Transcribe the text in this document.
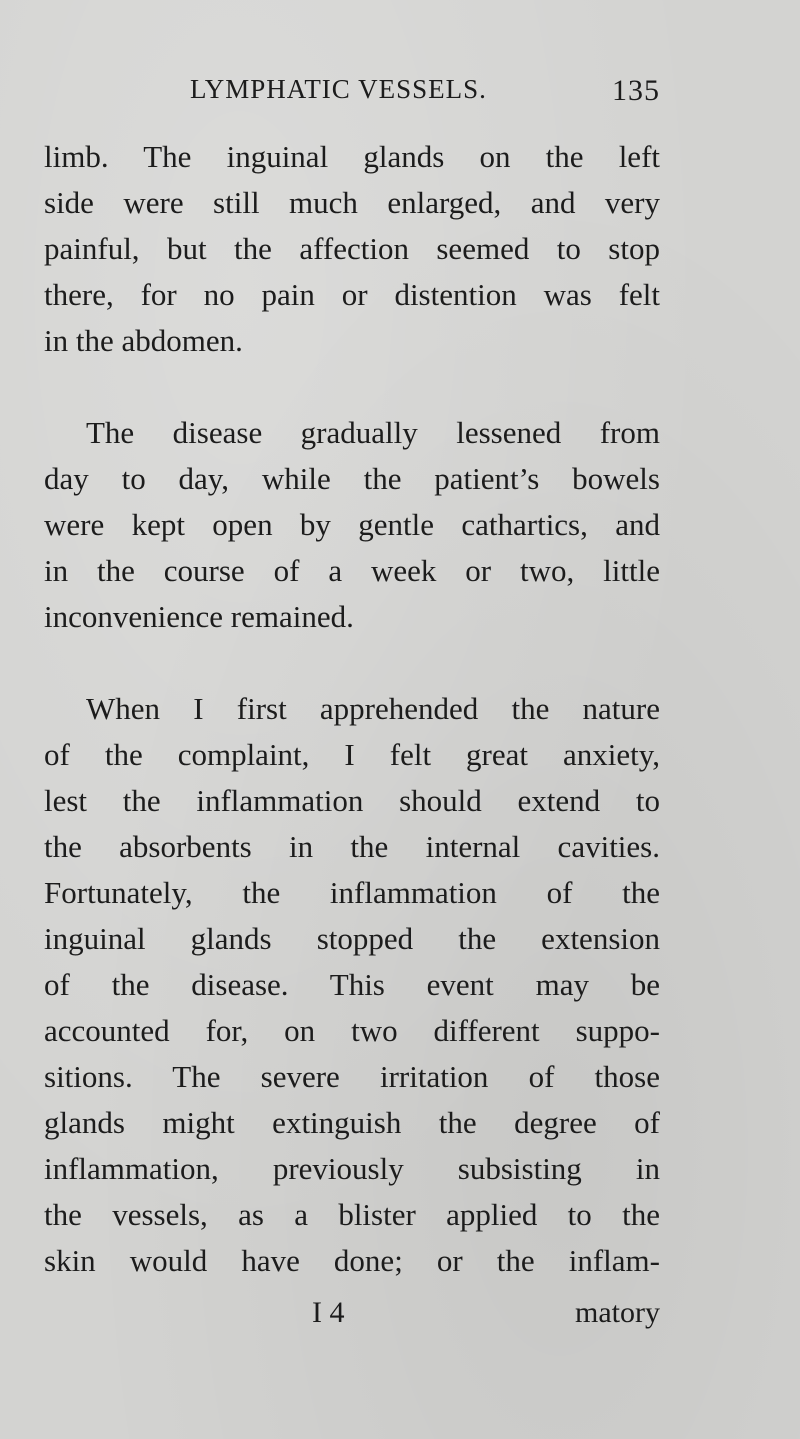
LYMPHATIC VESSELS.	135
limb. The inguinal glands on the left
side were still much enlarged, and very
painful, but the affection seemed to stop
there, for no pain or distention was felt
in the abdomen.
The disease gradually lessened from
day to day, while the patient’s bowels
were kept open by gentle cathartics, and
in the course of a week or two, little
inconvenience remained.
When I first apprehended the nature
of the complaint, I felt great anxiety,
lest the inflammation should extend to
the absorbents in the internal cavities.
Fortunately, the inflammation of the
inguinal glands stopped the extension
of the disease. This event may be
accounted for, on two different suppo-
sitions. The severe irritation of those
glands might extinguish the degree of
inflammation, previously subsisting in
the vessels, as a blister applied to the
skin would have done; or the inflam-
I 4	matory
